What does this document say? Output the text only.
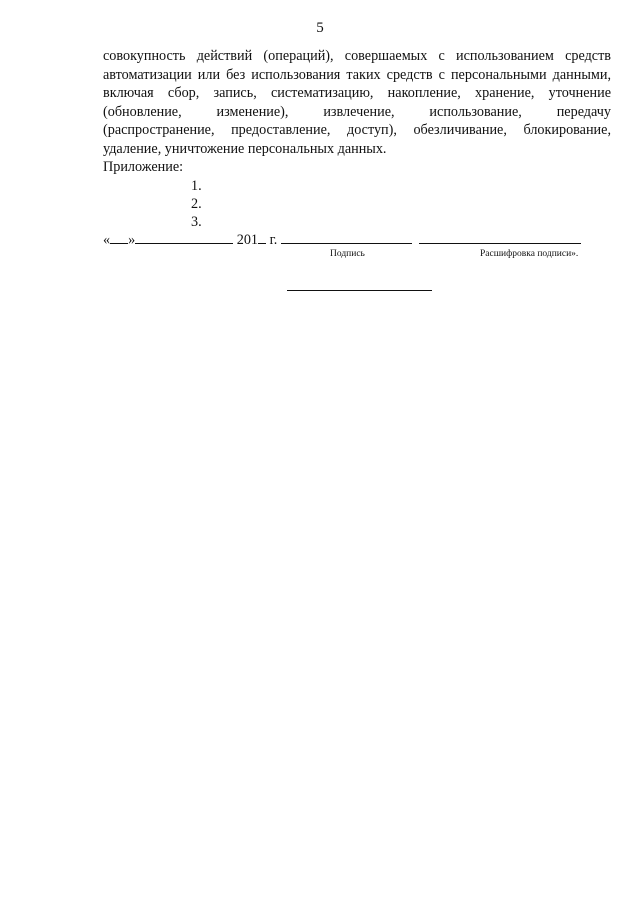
5
совокупность действий (операций), совершаемых с использованием средств
автоматизации или без использования таких средств с персональными данными,
включая сбор, запись, систематизацию, накопление, хранение, уточнение
(обновление, изменение), извлечение, использование, передачу
(распространение, предоставление, доступ), обезличивание, блокирование,
удаление, уничтожение персональных данных.
Приложение:
1.
2.
3.
« »	201 г.
Подпись	Расшифровка подписи».
